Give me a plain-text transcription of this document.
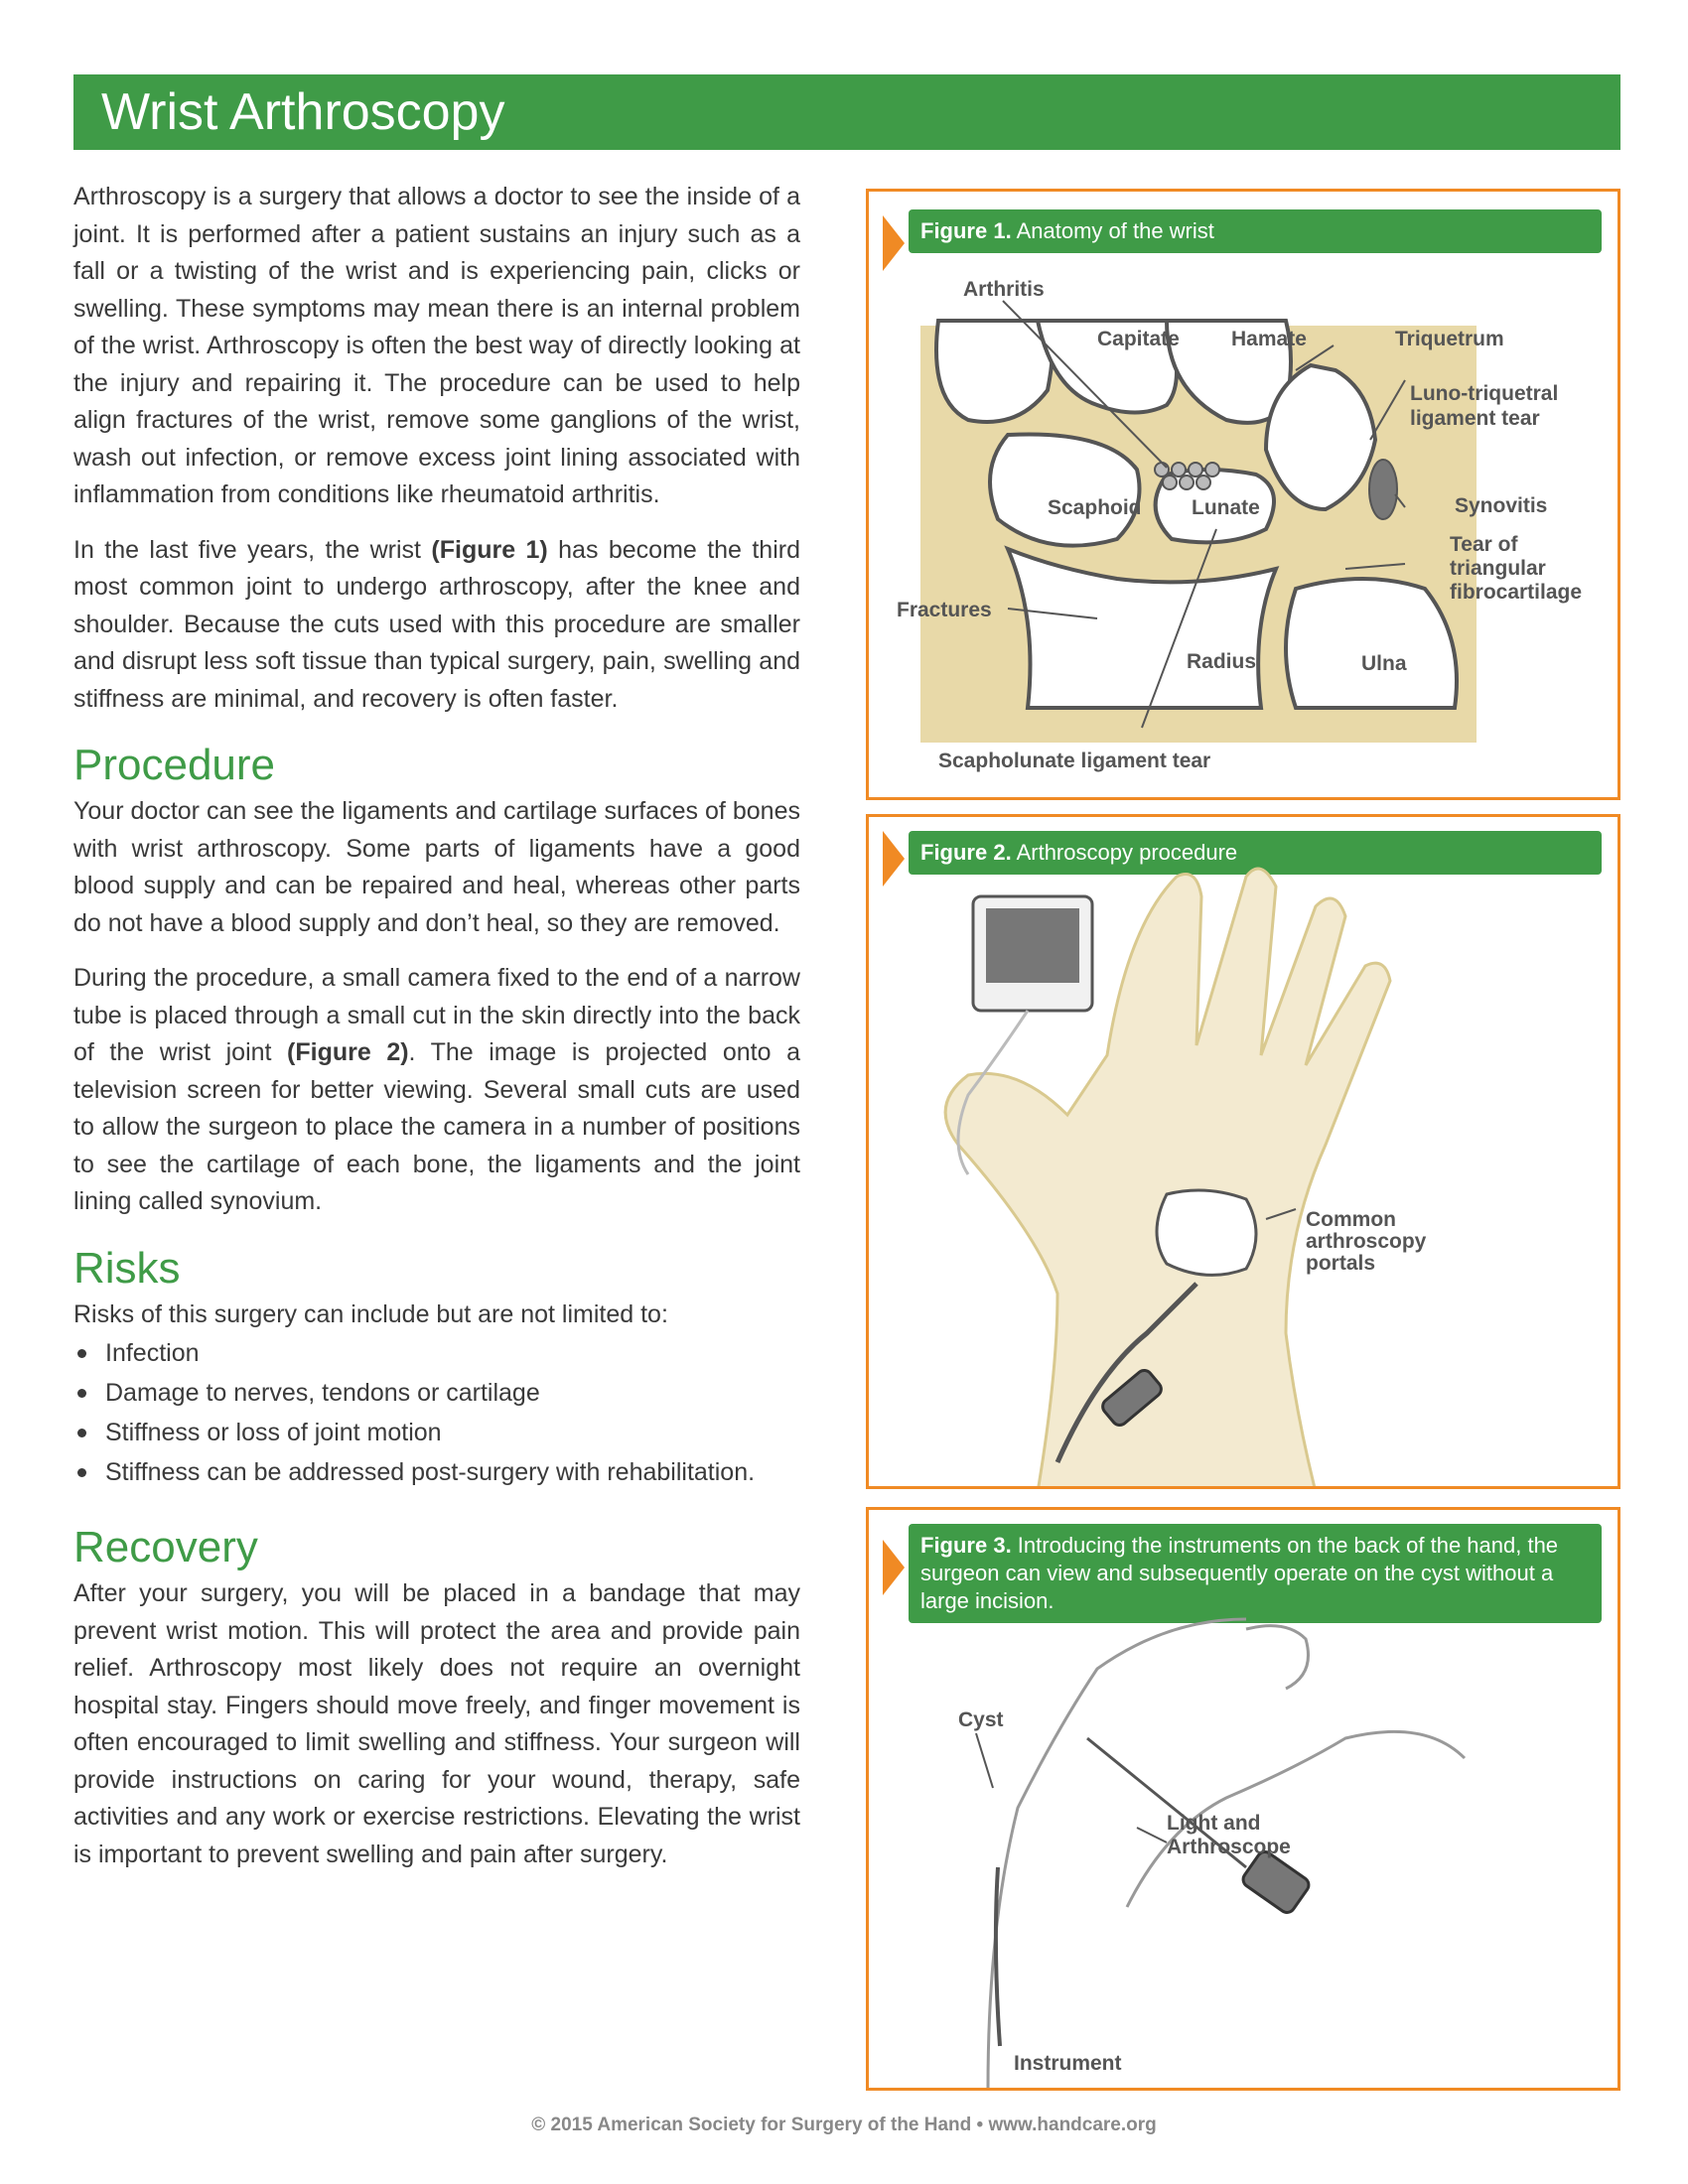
Wrist Arthroscopy

Arthroscopy is a surgery that allows a doctor to see the inside of a joint. It is performed after a patient sustains an injury such as a fall or a twisting of the wrist and is experiencing pain, clicks or swelling. These symptoms may mean there is an internal problem of the wrist. Arthroscopy is often the best way of directly looking at the injury and repairing it. The procedure can be used to help align fractures of the wrist, remove some ganglions of the wrist, wash out infection, or remove excess joint lining associated with inflammation from conditions like rheumatoid arthritis.

In the last five years, the wrist (Figure 1) has become the third most common joint to undergo arthroscopy, after the knee and shoulder. Because the cuts used with this procedure are smaller and disrupt less soft tissue than typical surgery, pain, swelling and stiffness are minimal, and recovery is often faster.

Procedure

Your doctor can see the ligaments and cartilage surfaces of bones with wrist arthroscopy. Some parts of ligaments have a good blood supply and can be repaired and heal, whereas other parts do not have a blood supply and don’t heal, so they are removed.

During the procedure, a small camera fixed to the end of a narrow tube is placed through a small cut in the skin directly into the back of the wrist joint (Figure 2). The image is projected onto a television screen for better viewing. Several small cuts are used to allow the surgeon to place the camera in a number of positions to see the cartilage of each bone, the ligaments and the joint lining called synovium.

Risks

Risks of this surgery can include but are not limited to:

Infection
Damage to nerves, tendons or cartilage
Stiffness or loss of joint motion
Stiffness can be addressed post-surgery with rehabilitation.
Recovery

After your surgery, you will be placed in a bandage that may prevent wrist motion. This will protect the area and provide pain relief. Arthroscopy most likely does not require an overnight hospital stay. Fingers should move freely, and finger movement is often encouraged to limit swelling and stiffness. Your surgeon will provide instructions on caring for your wound, therapy, safe activities and any work or exercise restrictions. Elevating the wrist is important to prevent swelling and pain after surgery.

Figure 1. Anatomy of the wrist
Arthritis
Capitate Hamate	Triquetrum
Luno-triquetral
ligament tear
Synovitis
Scaphoid Lunate
Tear of
triangular
fibrocartilage
Fractures
Radius	Ulna
Scapholunate ligament tear
Figure 2. Arthroscopy procedure
Common
arthroscopy
portals
Figure 3. Introducing the instruments on the back of the hand, the surgeon can view and subsequently operate on the cyst without a large incision.
Cyst
Light and
Arthroscope
Instrument
© 2015 American Society for Surgery of the Hand • www.handcare.org
